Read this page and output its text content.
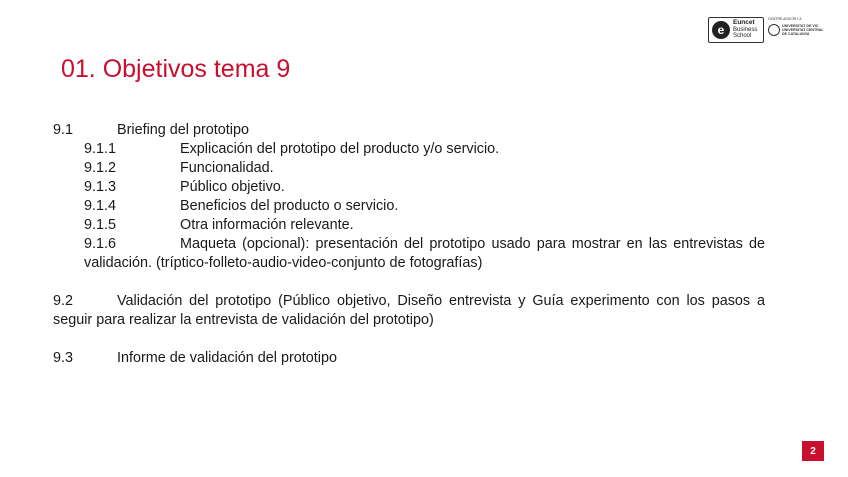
e
Euncet
Business
School
CENTRE ADSCRIT A
UNIVERSITAT DE VIC
UNIVERSITAT CENTRAL
DE CATALUNYA
01. Objetivos tema 9
9.1	Briefing del prototipo
9.1.1	Explicación del prototipo del producto y/o servicio.
9.1.2	Funcionalidad.
9.1.3	Público objetivo.
9.1.4	Beneficios del producto o servicio.
9.1.5	Otra información relevante.
9.1.6	Maqueta (opcional): presentación del prototipo usado para mostrar en las entrevistas de
validación. (tríptico-folleto-audio-video-conjunto de fotografías)
9.2	Validación del prototipo (Público objetivo, Diseño entrevista y Guía experimento con los pasos a
seguir para realizar la entrevista de validación del prototipo)
9.3	Informe de validación del prototipo
2
